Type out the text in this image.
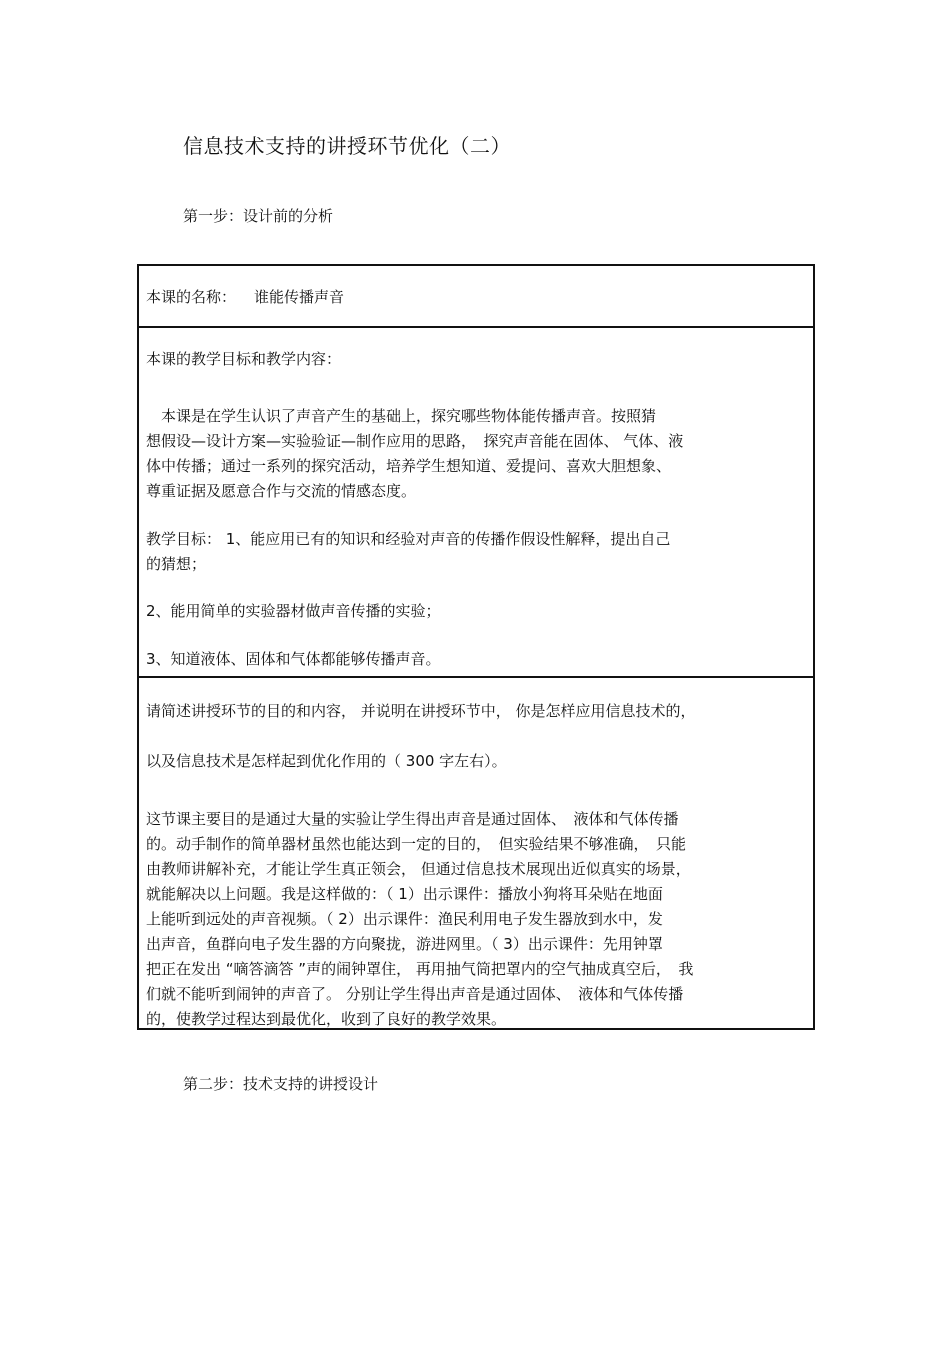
信息技术支持的讲授环节优化（二）

第一步：设计前的分析

本课的名称： 谁能传播声音

本课的教学目标和教学内容：

　本课是在学生认识了声音产生的基础上，探究哪些物体能传播声音。按照猜

想假设—设计方案—实验验证—制作应用的思路，　探究声音能在固体、 气体、液

体中传播；通过一系列的探究活动，培养学生想知道、爱提问、喜欢大胆想象、

尊重证据及愿意合作与交流的情感态度。

教学目标： 1、能应用已有的知识和经验对声音的传播作假设性解释，提出自己

的猜想；

2、能用简单的实验器材做声音传播的实验；

3、知道液体、固体和气体都能够传播声音。

请简述讲授环节的目的和内容， 并说明在讲授环节中， 你是怎样应用信息技术的，

以及信息技术是怎样起到优化作用的（ 300 字左右）。

这节课主要目的是通过大量的实验让学生得出声音是通过固体、　液体和气体传播

的。动手制作的简单器材虽然也能达到一定的目的，　但实验结果不够准确，　只能

由教师讲解补充，才能让学生真正领会， 但通过信息技术展现出近似真实的场景，

就能解决以上问题。我是这样做的：（ 1）出示课件：播放小狗将耳朵贴在地面

上能听到远处的声音视频。（ 2）出示课件：渔民利用电子发生器放到水中，发

出声音，鱼群向电子发生器的方向聚拢，游进网里。（ 3）出示课件：先用钟罩

把正在发出 “嘀答滴答 ”声的闹钟罩住， 再用抽气筒把罩内的空气抽成真空后，　我

们就不能听到闹钟的声音了。 分别让学生得出声音是通过固体、　液体和气体传播

的，使教学过程达到最优化，收到了良好的教学效果。

第二步：技术支持的讲授设计
